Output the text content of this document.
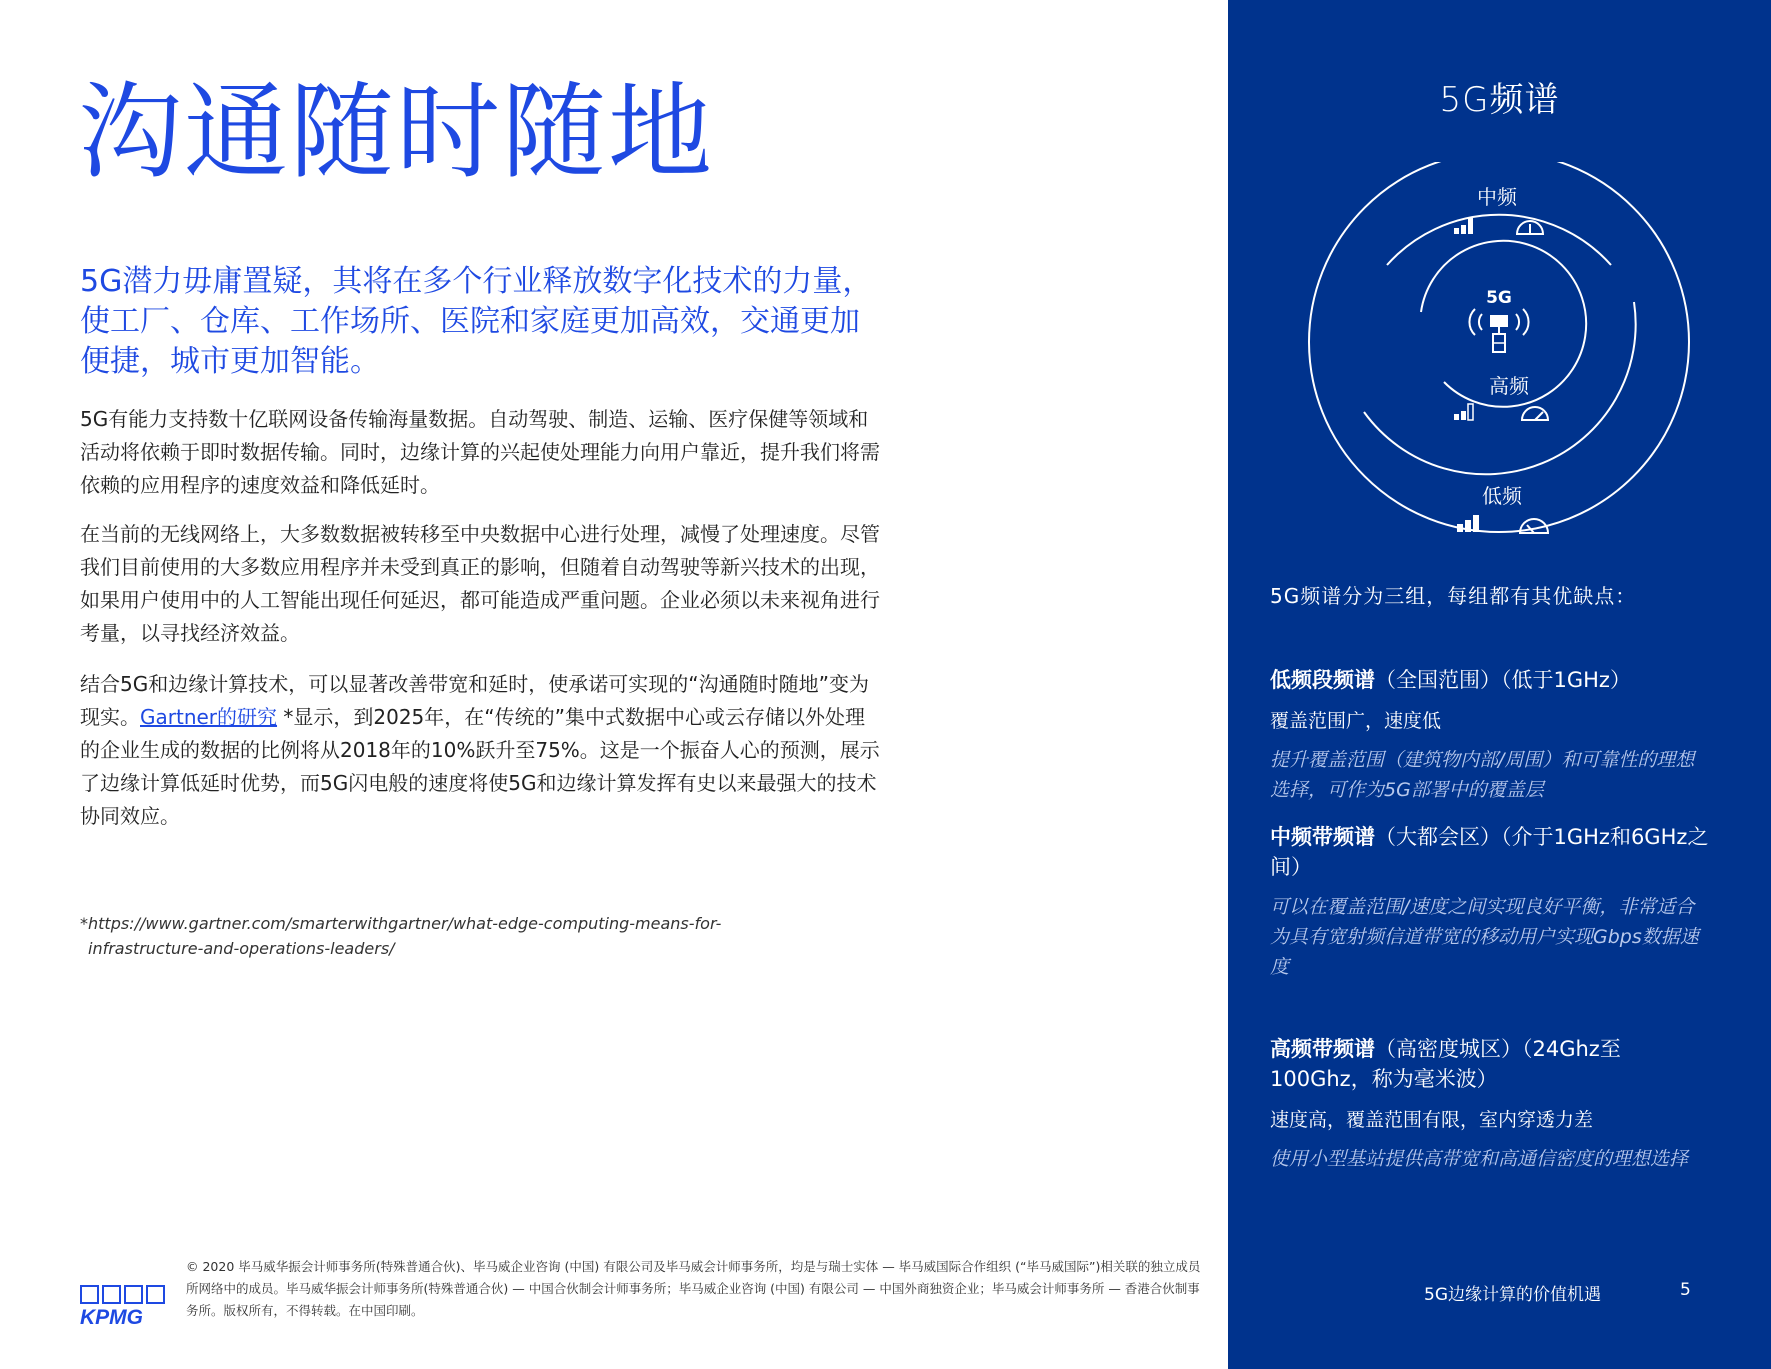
沟通随时随地

5G潜力毋庸置疑，其将在多个行业释放数字化技术的力量，使工厂、仓库、工作场所、医院和家庭更加高效，交通更加便捷，城市更加智能。

5G有能力支持数十亿联网设备传输海量数据。自动驾驶、制造、运输、医疗保健等领域和活动将依赖于即时数据传输。同时，边缘计算的兴起使处理能力向用户靠近，提升我们将需依赖的应用程序的速度效益和降低延时。

在当前的无线网络上，大多数数据被转移至中央数据中心进行处理，减慢了处理速度。尽管我们目前使用的大多数应用程序并未受到真正的影响，但随着自动驾驶等新兴技术的出现，如果用户使用中的人工智能出现任何延迟，都可能造成严重问题。企业必须以未来视角进行考量，以寻找经济效益。

结合5G和边缘计算技术，可以显著改善带宽和延时，使承诺可实现的“沟通随时随地”变为现实。Gartner的研究 *显示，到2025年，在“传统的”集中式数据中心或云存储以外处理的企业生成的数据的比例将从2018年的10%跃升至75%。这是一个振奋人心的预测，展示了边缘计算低延时优势，而5G闪电般的速度将使5G和边缘计算发挥有史以来最强大的技术协同效应。

*https://www.gartner.com/smarterwithgartner/what-edge-computing-means-for-
infrastructure-and-operations-leaders/
KPMG
© 2020 毕马威华振会计师事务所(特殊普通合伙)、毕马威企业咨询 (中国) 有限公司及毕马威会计师事务所，均是与瑞士实体 — 毕马威国际合作组织 (“毕马威国际”)相关联的独立成员所网络中的成员。毕马威华振会计师事务所(特殊普通合伙) — 中国合伙制会计师事务所；毕马威企业咨询 (中国) 有限公司 — 中国外商独资企业；毕马威会计师事务所 — 香港合伙制事务所。版权所有，不得转载。在中国印刷。
5G频谱
中频
高频
低频
5G
5G频谱分为三组，每组都有其优缺点：
低频段频谱（全国范围）（低于1GHz）
覆盖范围广，速度低
提升覆盖范围（建筑物内部/周围）和可靠性的理想选择，可作为5G部署中的覆盖层
中频带频谱（大都会区）（介于1GHz和6GHz之间）
可以在覆盖范围/速度之间实现良好平衡，非常适合为具有宽射频信道带宽的移动用户实现Gbps数据速度
高频带频谱（高密度城区）（24Ghz至100Ghz，称为毫米波）
速度高，覆盖范围有限，室内穿透力差
使用小型基站提供高带宽和高通信密度的理想选择
5G边缘计算的价值机遇	5
